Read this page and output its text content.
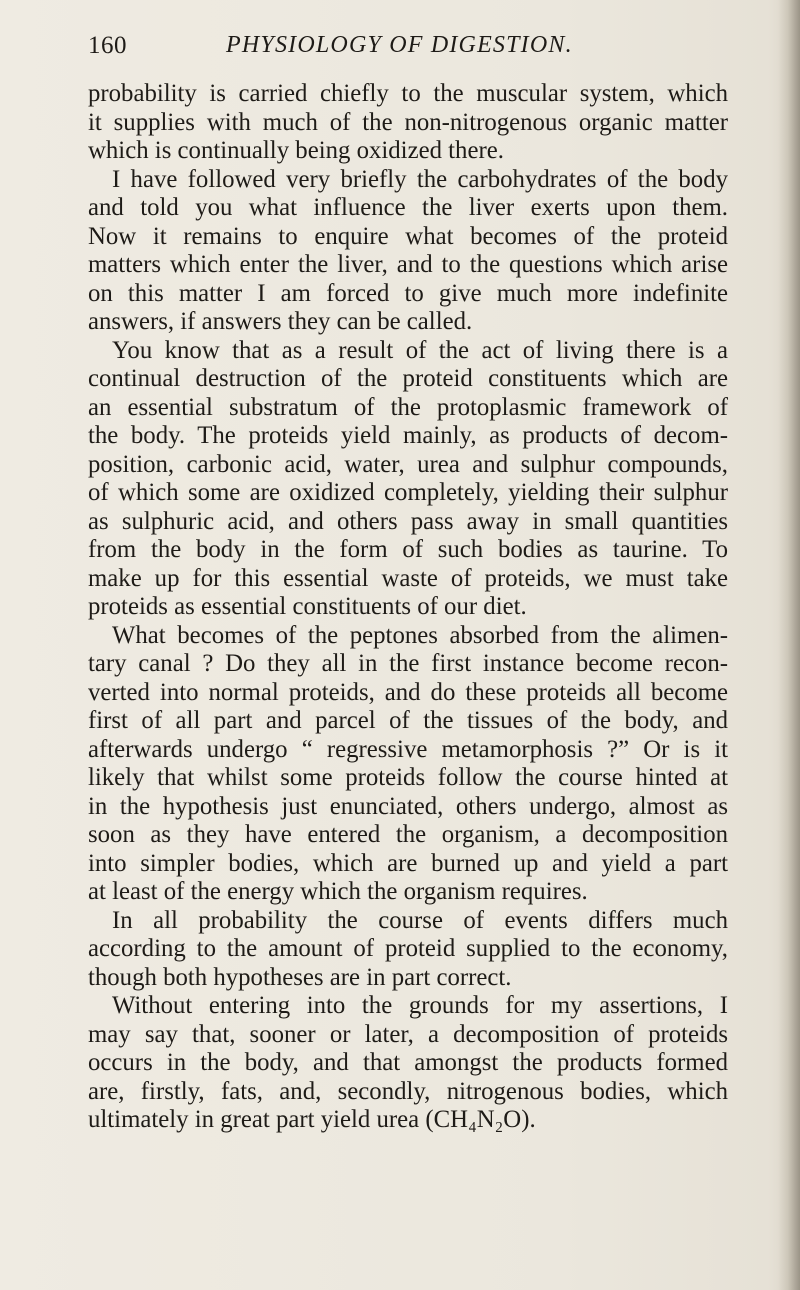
160	PHYSIOLOGY OF DIGESTION.
probability is carried chiefly to the muscular system, which
it supplies with much of the non-nitrogenous organic matter
which is continually being oxidized there.
I have followed very briefly the carbohydrates of the body
and told you what influence the liver exerts upon them.
Now it remains to enquire what becomes of the proteid
matters which enter the liver, and to the questions which arise
on this matter I am forced to give much more indefinite
answers, if answers they can be called.
You know that as a result of the act of living there is a
continual destruction of the proteid constituents which are
an essential substratum of the protoplasmic framework of
the body. The proteids yield mainly, as products of decom-
position, carbonic acid, water, urea and sulphur compounds,
of which some are oxidized completely, yielding their sulphur
as sulphuric acid, and others pass away in small quantities
from the body in the form of such bodies as taurine. To
make up for this essential waste of proteids, we must take
proteids as essential constituents of our diet.
What becomes of the peptones absorbed from the alimen-
tary canal ? Do they all in the first instance become recon-
verted into normal proteids, and do these proteids all become
first of all part and parcel of the tissues of the body, and
afterwards undergo “ regressive metamorphosis ?” Or is it
likely that whilst some proteids follow the course hinted at
in the hypothesis just enunciated, others undergo, almost as
soon as they have entered the organism, a decomposition
into simpler bodies, which are burned up and yield a part
at least of the energy which the organism requires.
In all probability the course of events differs much
according to the amount of proteid supplied to the economy,
though both hypotheses are in part correct.
Without entering into the grounds for my assertions, I
may say that, sooner or later, a decomposition of proteids
occurs in the body, and that amongst the products formed
are, firstly, fats, and, secondly, nitrogenous bodies, which
ultimately in great part yield urea (CH₄N₂O).
